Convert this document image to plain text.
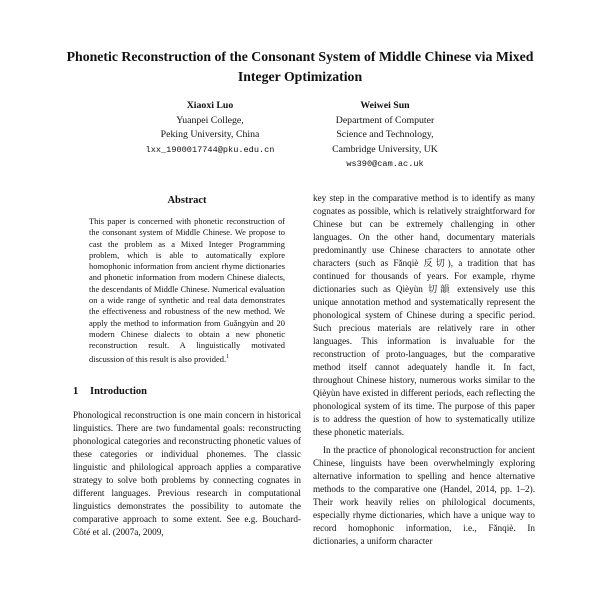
Phonetic Reconstruction of the Consonant System of Middle Chinese via Mixed Integer Optimization
Xiaoxi Luo
Yuanpei College,
Peking University, China
lxx_1900017744@pku.edu.cn
Weiwei Sun
Department of Computer
Science and Technology,
Cambridge University, UK
ws390@cam.ac.uk
Abstract
This paper is concerned with phonetic reconstruction of the consonant system of Middle Chinese. We propose to cast the problem as a Mixed Integer Programming problem, which is able to automatically explore homophonic information from ancient rhyme dictionaries and phonetic information from modern Chinese dialects, the descendants of Middle Chinese. Numerical evaluation on a wide range of synthetic and real data demonstrates the effectiveness and robustness of the new method. We apply the method to information from Guǎngyùn and 20 modern Chinese dialects to obtain a new phonetic reconstruction result. A linguistically motivated discussion of this result is also provided.$^1$
1 Introduction
Phonological reconstruction is one main concern in historical linguistics. There are two fundamental goals: reconstructing phonological categories and reconstructing phonetic values of these categories or individual phonemes. The classic linguistic and philological approach applies a comparative strategy to solve both problems by connecting cognates in different languages. Previous research in computational linguistics demonstrates the possibility to automate the comparative approach to some extent. See e.g. Bouchard-Côté et al. (2007a, 2009,
key step in the comparative method is to identify as many cognates as possible, which is relatively straightforward for Chinese but can be extremely challenging in other languages. On the other hand, documentary materials predominantly use Chinese characters to annotate other characters (such as Fǎnqiè 反切), a tradition that has continued for thousands of years. For example, rhyme dictionaries such as Qièyùn 切韻 extensively use this unique annotation method and systematically represent the phonological system of Chinese during a specific period. Such precious materials are relatively rare in other languages. This information is invaluable for the reconstruction of proto-languages, but the comparative method itself cannot adequately handle it. In fact, throughout Chinese history, numerous works similar to the Qièyùn have existed in different periods, each reflecting the phonological system of its time. The purpose of this paper is to address the question of how to systematically utilize these phonetic materials.
In the practice of phonological reconstruction for ancient Chinese, linguists have been overwhelmingly exploring alternative information to spelling and hence alternative methods to the comparative one (Handel, 2014, pp. 1–2). Their work heavily relies on philological documents, especially rhyme dictionaries, which have a unique way to record homophonic information, i.e., Fǎnqiè. In dictionaries, a uniform character
